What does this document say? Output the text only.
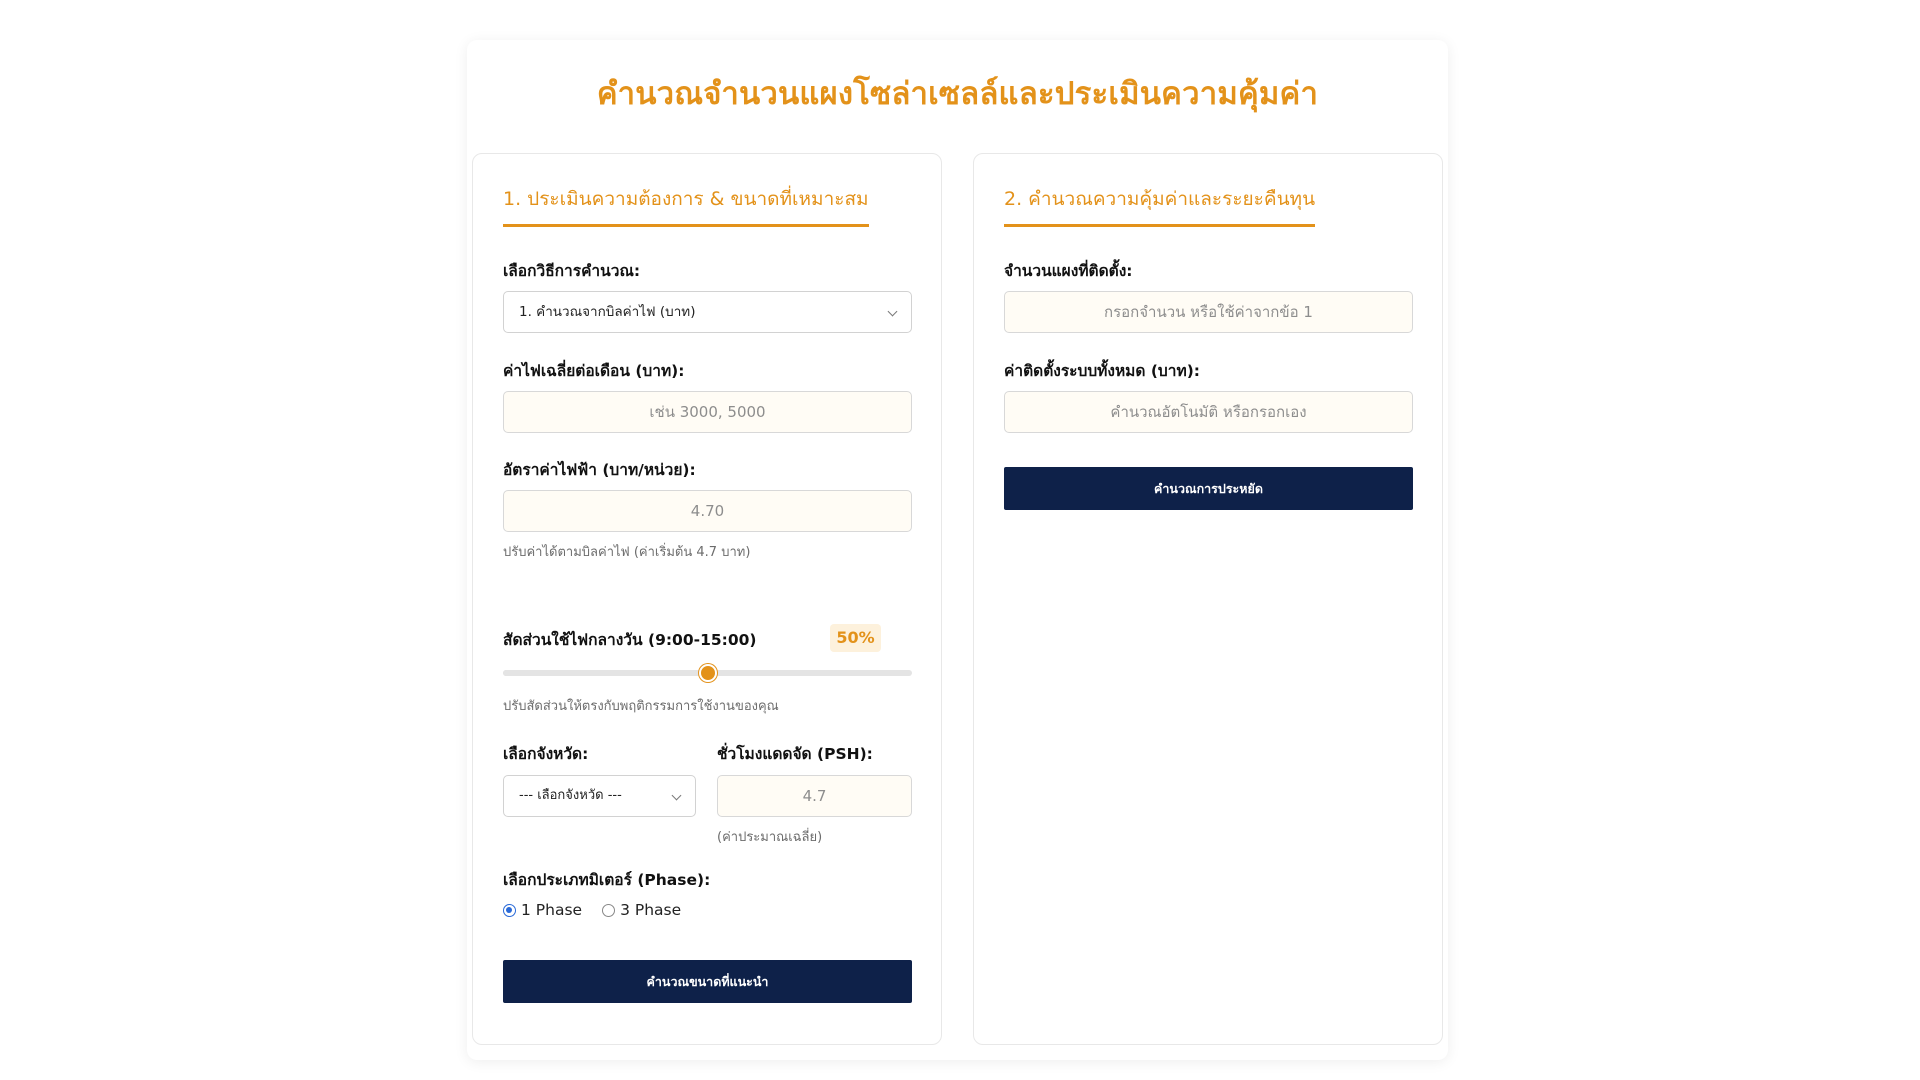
คำนวณจำนวนแผงโซล่าเซลล์และประเมินความคุ้มค่า
1. ประเมินความต้องการ & ขนาดที่เหมาะสม
เลือกวิธีการคำนวณ:
1. คำนวณจากบิลค่าไฟ (บาท)
ค่าไฟเฉลี่ยต่อเดือน (บาท):
เช่น 3000, 5000
อัตราค่าไฟฟ้า (บาท/หน่วย):
4.70
ปรับค่าได้ตามบิลค่าไฟ (ค่าเริ่มต้น 4.7 บาท)
สัดส่วนใช้ไฟกลางวัน (9:00-15:00)	50%
ปรับสัดส่วนให้ตรงกับพฤติกรรมการใช้งานของคุณ
เลือกจังหวัด:
--- เลือกจังหวัด ---
ชั่วโมงแดดจัด (PSH):
4.7
(ค่าประมาณเฉลี่ย)
เลือกประเภทมิเตอร์ (Phase):
1 Phase 3 Phase
คำนวณขนาดที่แนะนำ
2. คำนวณความคุ้มค่าและระยะคืนทุน
จำนวนแผงที่ติดตั้ง:
กรอกจำนวน หรือใช้ค่าจากข้อ 1
ค่าติดตั้งระบบทั้งหมด (บาท):
คำนวณอัตโนมัติ หรือกรอกเอง
คำนวณการประหยัด
